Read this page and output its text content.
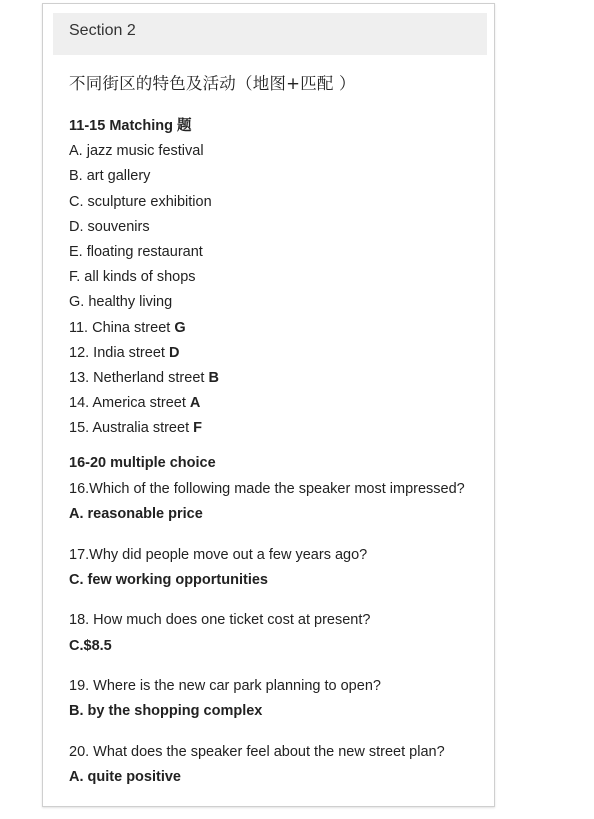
Section 2
不同街区的特色及活动（地图+匹配 ）
11-15 Matching 题
A. jazz music festival
B. art gallery
C. sculpture exhibition
D. souvenirs
E. floating restaurant
F. all kinds of shops
G. healthy living
11. China street G
12. India street D
13. Netherland street B
14. America street A
15. Australia street F
16-20 multiple choice
16.Which of the following made the speaker most impressed?
A. reasonable price
17.Why did people move out a few years ago?
C. few working opportunities
18. How much does one ticket cost at present?
C.$8.5
19. Where is the new car park planning to open?
B. by the shopping complex
20. What does the speaker feel about the new street plan?
A. quite positive
